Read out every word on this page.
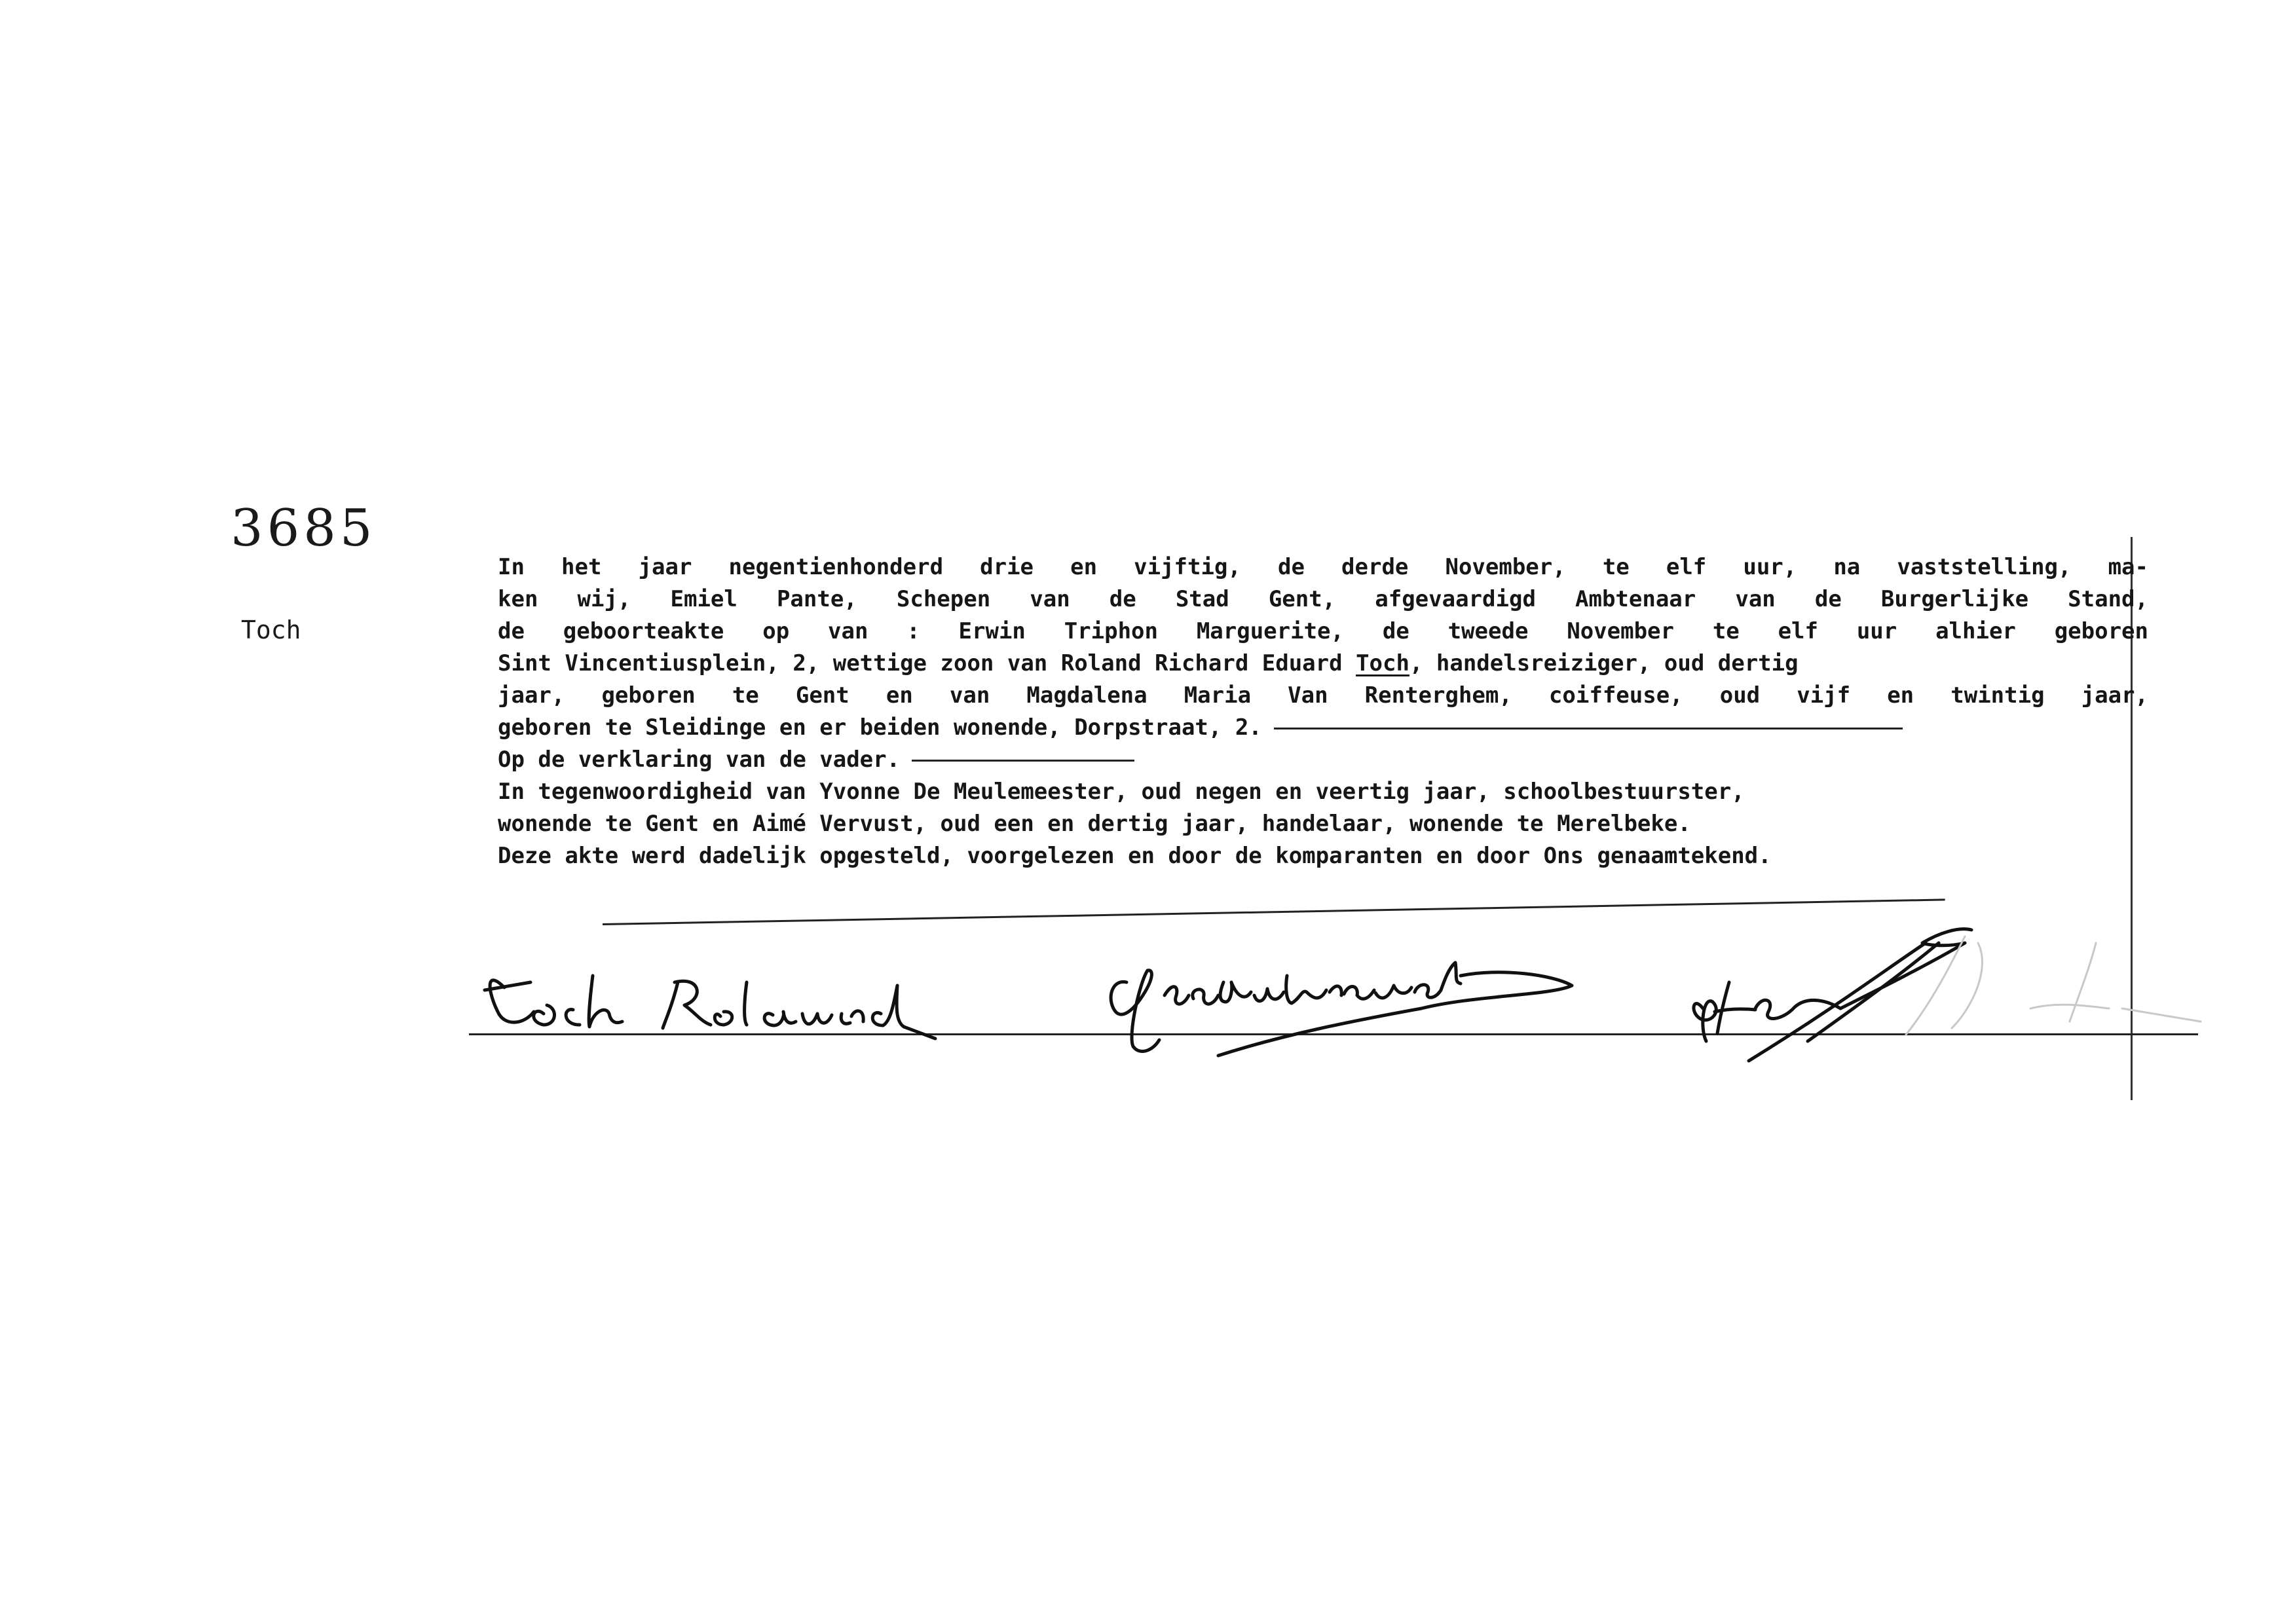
3685
Toch
In het jaar negentienhonderd drie en vijftig, de derde November, te elf uur, na vaststelling, ma-
ken wij, Emiel Pante, Schepen van de Stad Gent, afgevaardigd Ambtenaar van de Burgerlijke Stand,
de geboorteakte op van : Erwin Triphon Marguerite, de tweede November te elf uur alhier geboren
Sint Vincentiusplein, 2, wettige zoon van Roland Richard Eduard Toch, handelsreiziger, oud dertig
jaar, geboren te Gent en van Magdalena Maria Van Renterghem, coiffeuse, oud vijf en twintig jaar,
geboren te Sleidinge en er beiden wonende, Dorpstraat, 2.
Op de verklaring van de vader.
In tegenwoordigheid van Yvonne De Meulemeester, oud negen en veertig jaar, schoolbestuurster,
wonende te Gent en Aimé Vervust, oud een en dertig jaar, handelaar, wonende te Merelbeke.
Deze akte werd dadelijk opgesteld, voorgelezen en door de komparanten en door Ons genaamtekend.
